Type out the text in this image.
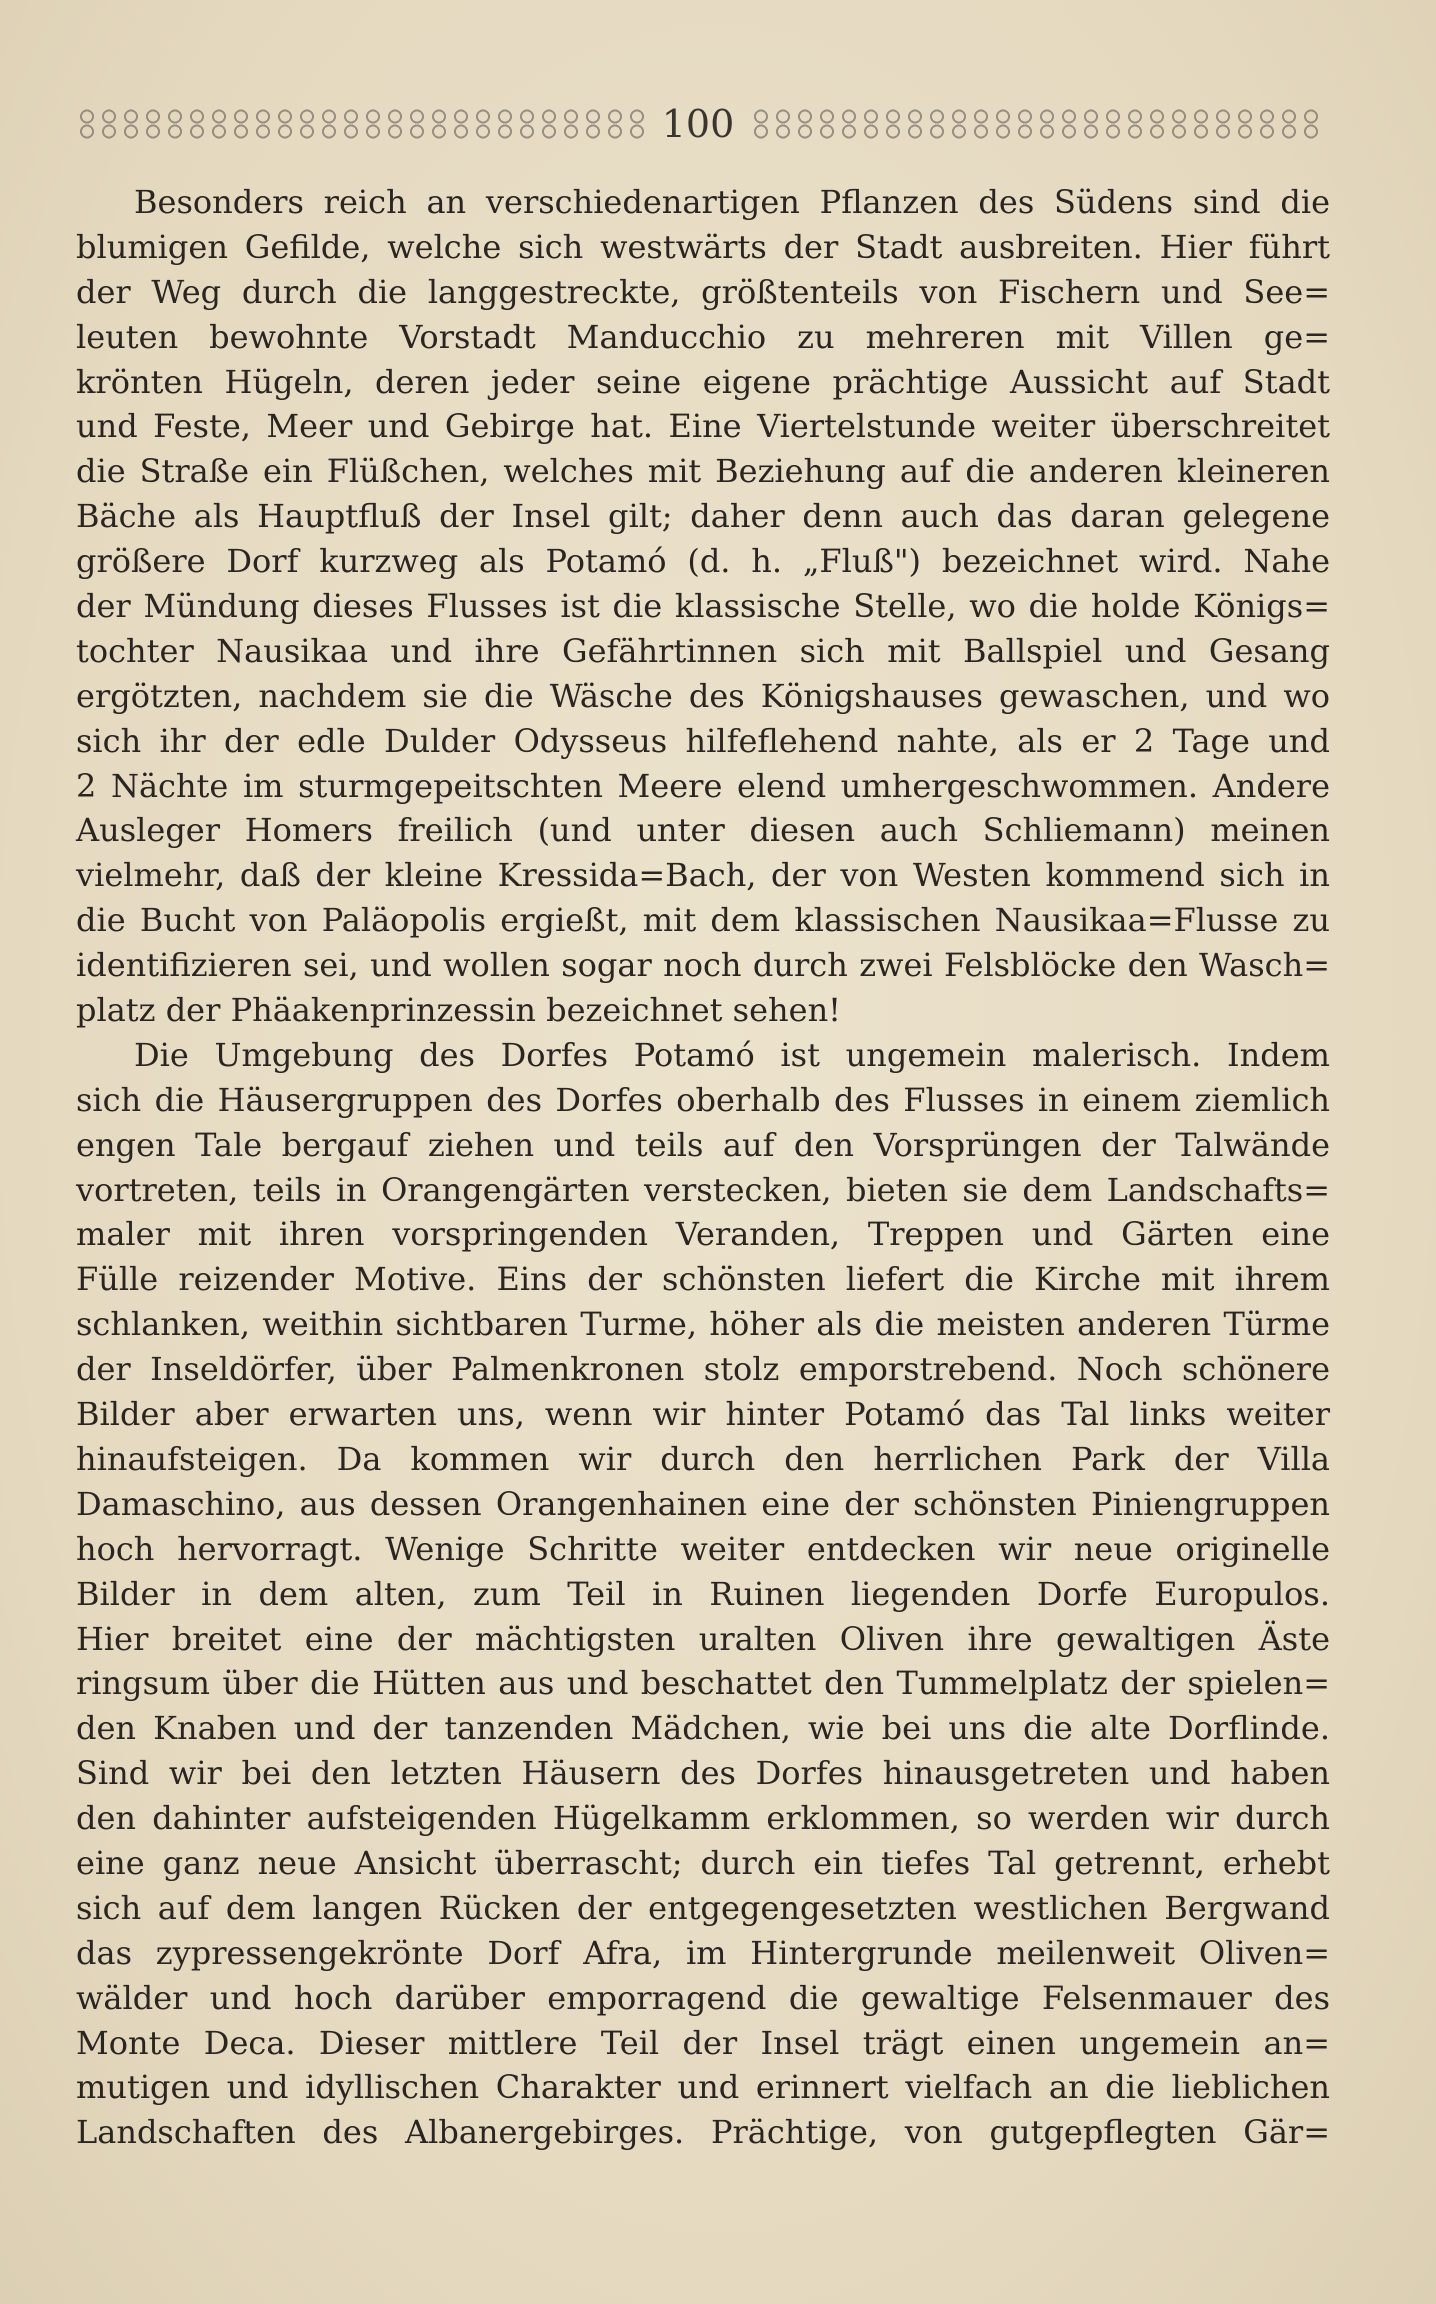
100
Besonders reich an verschiedenartigen Pflanzen des Südens sind die
blumigen Gefilde, welche sich westwärts der Stadt ausbreiten. Hier führt
der Weg durch die langgestreckte, größtenteils von Fischern und See=
leuten bewohnte Vorstadt Manducchio zu mehreren mit Villen ge=
krönten Hügeln, deren jeder seine eigene prächtige Aussicht auf Stadt
und Feste, Meer und Gebirge hat. Eine Viertelstunde weiter überschreitet
die Straße ein Flüßchen, welches mit Beziehung auf die anderen kleineren
Bäche als Hauptfluß der Insel gilt; daher denn auch das daran gelegene
größere Dorf kurzweg als Potamó (d. h. „Fluß") bezeichnet wird. Nahe
der Mündung dieses Flusses ist die klassische Stelle, wo die holde Königs=
tochter Nausikaa und ihre Gefährtinnen sich mit Ballspiel und Gesang
ergötzten, nachdem sie die Wäsche des Königshauses gewaschen, und wo
sich ihr der edle Dulder Odysseus hilfeflehend nahte, als er 2 Tage und
2 Nächte im sturmgepeitschten Meere elend umhergeschwommen. Andere
Ausleger Homers freilich (und unter diesen auch Schliemann) meinen
vielmehr, daß der kleine Kressida=Bach, der von Westen kommend sich in
die Bucht von Paläopolis ergießt, mit dem klassischen Nausikaa=Flusse zu
identifizieren sei, und wollen sogar noch durch zwei Felsblöcke den Wasch=
platz der Phäakenprinzessin bezeichnet sehen!
Die Umgebung des Dorfes Potamó ist ungemein malerisch. Indem
sich die Häusergruppen des Dorfes oberhalb des Flusses in einem ziemlich
engen Tale bergauf ziehen und teils auf den Vorsprüngen der Talwände
vortreten, teils in Orangengärten verstecken, bieten sie dem Landschafts=
maler mit ihren vorspringenden Veranden, Treppen und Gärten eine
Fülle reizender Motive. Eins der schönsten liefert die Kirche mit ihrem
schlanken, weithin sichtbaren Turme, höher als die meisten anderen Türme
der Inseldörfer, über Palmenkronen stolz emporstrebend. Noch schönere
Bilder aber erwarten uns, wenn wir hinter Potamó das Tal links weiter
hinaufsteigen. Da kommen wir durch den herrlichen Park der Villa
Damaschino, aus dessen Orangenhainen eine der schönsten Piniengruppen
hoch hervorragt. Wenige Schritte weiter entdecken wir neue originelle
Bilder in dem alten, zum Teil in Ruinen liegenden Dorfe Europulos.
Hier breitet eine der mächtigsten uralten Oliven ihre gewaltigen Äste
ringsum über die Hütten aus und beschattet den Tummelplatz der spielen=
den Knaben und der tanzenden Mädchen, wie bei uns die alte Dorflinde.
Sind wir bei den letzten Häusern des Dorfes hinausgetreten und haben
den dahinter aufsteigenden Hügelkamm erklommen, so werden wir durch
eine ganz neue Ansicht überrascht; durch ein tiefes Tal getrennt, erhebt
sich auf dem langen Rücken der entgegengesetzten westlichen Bergwand
das zypressengekrönte Dorf Afra, im Hintergrunde meilenweit Oliven=
wälder und hoch darüber emporragend die gewaltige Felsenmauer des
Monte Deca. Dieser mittlere Teil der Insel trägt einen ungemein an=
mutigen und idyllischen Charakter und erinnert vielfach an die lieblichen
Landschaften des Albanergebirges. Prächtige, von gutgepflegten Gär=
